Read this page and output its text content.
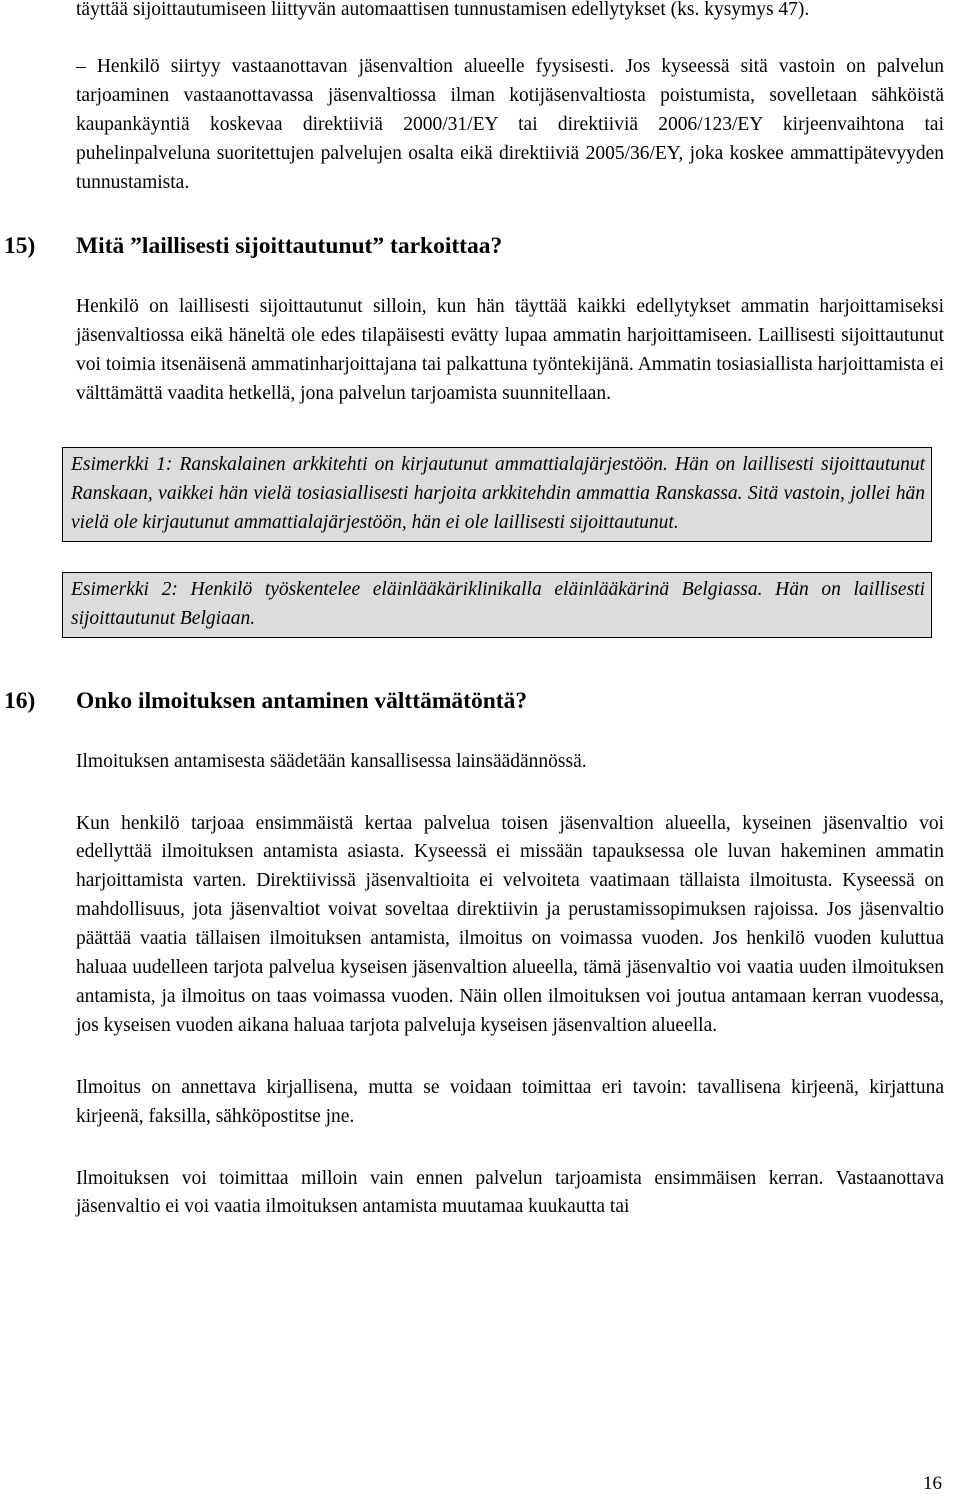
täyttää sijoittautumiseen liittyvän automaattisen tunnustamisen edellytykset (ks. kysymys 47).

– Henkilö siirtyy vastaanottavan jäsenvaltion alueelle fyysisesti. Jos kyseessä sitä vastoin on palvelun tarjoaminen vastaanottavassa jäsenvaltiossa ilman kotijäsenvaltiosta poistumista, sovelletaan sähköistä kaupankäyntiä koskevaa direktiiviä 2000/31/EY tai direktiiviä 2006/123/EY kirjeenvaihtona tai puhelinpalveluna suoritettujen palvelujen osalta eikä direktiiviä 2005/36/EY, joka koskee ammattipätevyyden tunnustamista.

15) Mitä ”laillisesti sijoittautunut” tarkoittaa?

Henkilö on laillisesti sijoittautunut silloin, kun hän täyttää kaikki edellytykset ammatin harjoittamiseksi jäsenvaltiossa eikä häneltä ole edes tilapäisesti evätty lupaa ammatin harjoittamiseen. Laillisesti sijoittautunut voi toimia itsenäisenä ammatinharjoittajana tai palkattuna työntekijänä. Ammatin tosiasiallista harjoittamista ei välttämättä vaadita hetkellä, jona palvelun tarjoamista suunnitellaan.

Esimerkki 1: Ranskalainen arkkitehti on kirjautunut ammattialajärjestöön. Hän on laillisesti sijoittautunut Ranskaan, vaikkei hän vielä tosiasiallisesti harjoita arkkitehdin ammattia Ranskassa. Sitä vastoin, jollei hän vielä ole kirjautunut ammattialajärjestöön, hän ei ole laillisesti sijoittautunut.

Esimerkki 2: Henkilö työskentelee eläinlääkäriklinikalla eläinlääkärinä Belgiassa. Hän on laillisesti sijoittautunut Belgiaan.

16) Onko ilmoituksen antaminen välttämätöntä?

Ilmoituksen antamisesta säädetään kansallisessa lainsäädännössä.

Kun henkilö tarjoaa ensimmäistä kertaa palvelua toisen jäsenvaltion alueella, kyseinen jäsenvaltio voi edellyttää ilmoituksen antamista asiasta. Kyseessä ei missään tapauksessa ole luvan hakeminen ammatin harjoittamista varten. Direktiivissä jäsenvaltioita ei velvoiteta vaatimaan tällaista ilmoitusta. Kyseessä on mahdollisuus, jota jäsenvaltiot voivat soveltaa direktiivin ja perustamissopimuksen rajoissa. Jos jäsenvaltio päättää vaatia tällaisen ilmoituksen antamista, ilmoitus on voimassa vuoden. Jos henkilö vuoden kuluttua haluaa uudelleen tarjota palvelua kyseisen jäsenvaltion alueella, tämä jäsenvaltio voi vaatia uuden ilmoituksen antamista, ja ilmoitus on taas voimassa vuoden. Näin ollen ilmoituksen voi joutua antamaan kerran vuodessa, jos kyseisen vuoden aikana haluaa tarjota palveluja kyseisen jäsenvaltion alueella.

Ilmoitus on annettava kirjallisena, mutta se voidaan toimittaa eri tavoin: tavallisena kirjeenä, kirjattuna kirjeenä, faksilla, sähköpostitse jne.

Ilmoituksen voi toimittaa milloin vain ennen palvelun tarjoamista ensimmäisen kerran. Vastaanottava jäsenvaltio ei voi vaatia ilmoituksen antamista muutamaa kuukautta tai

16
